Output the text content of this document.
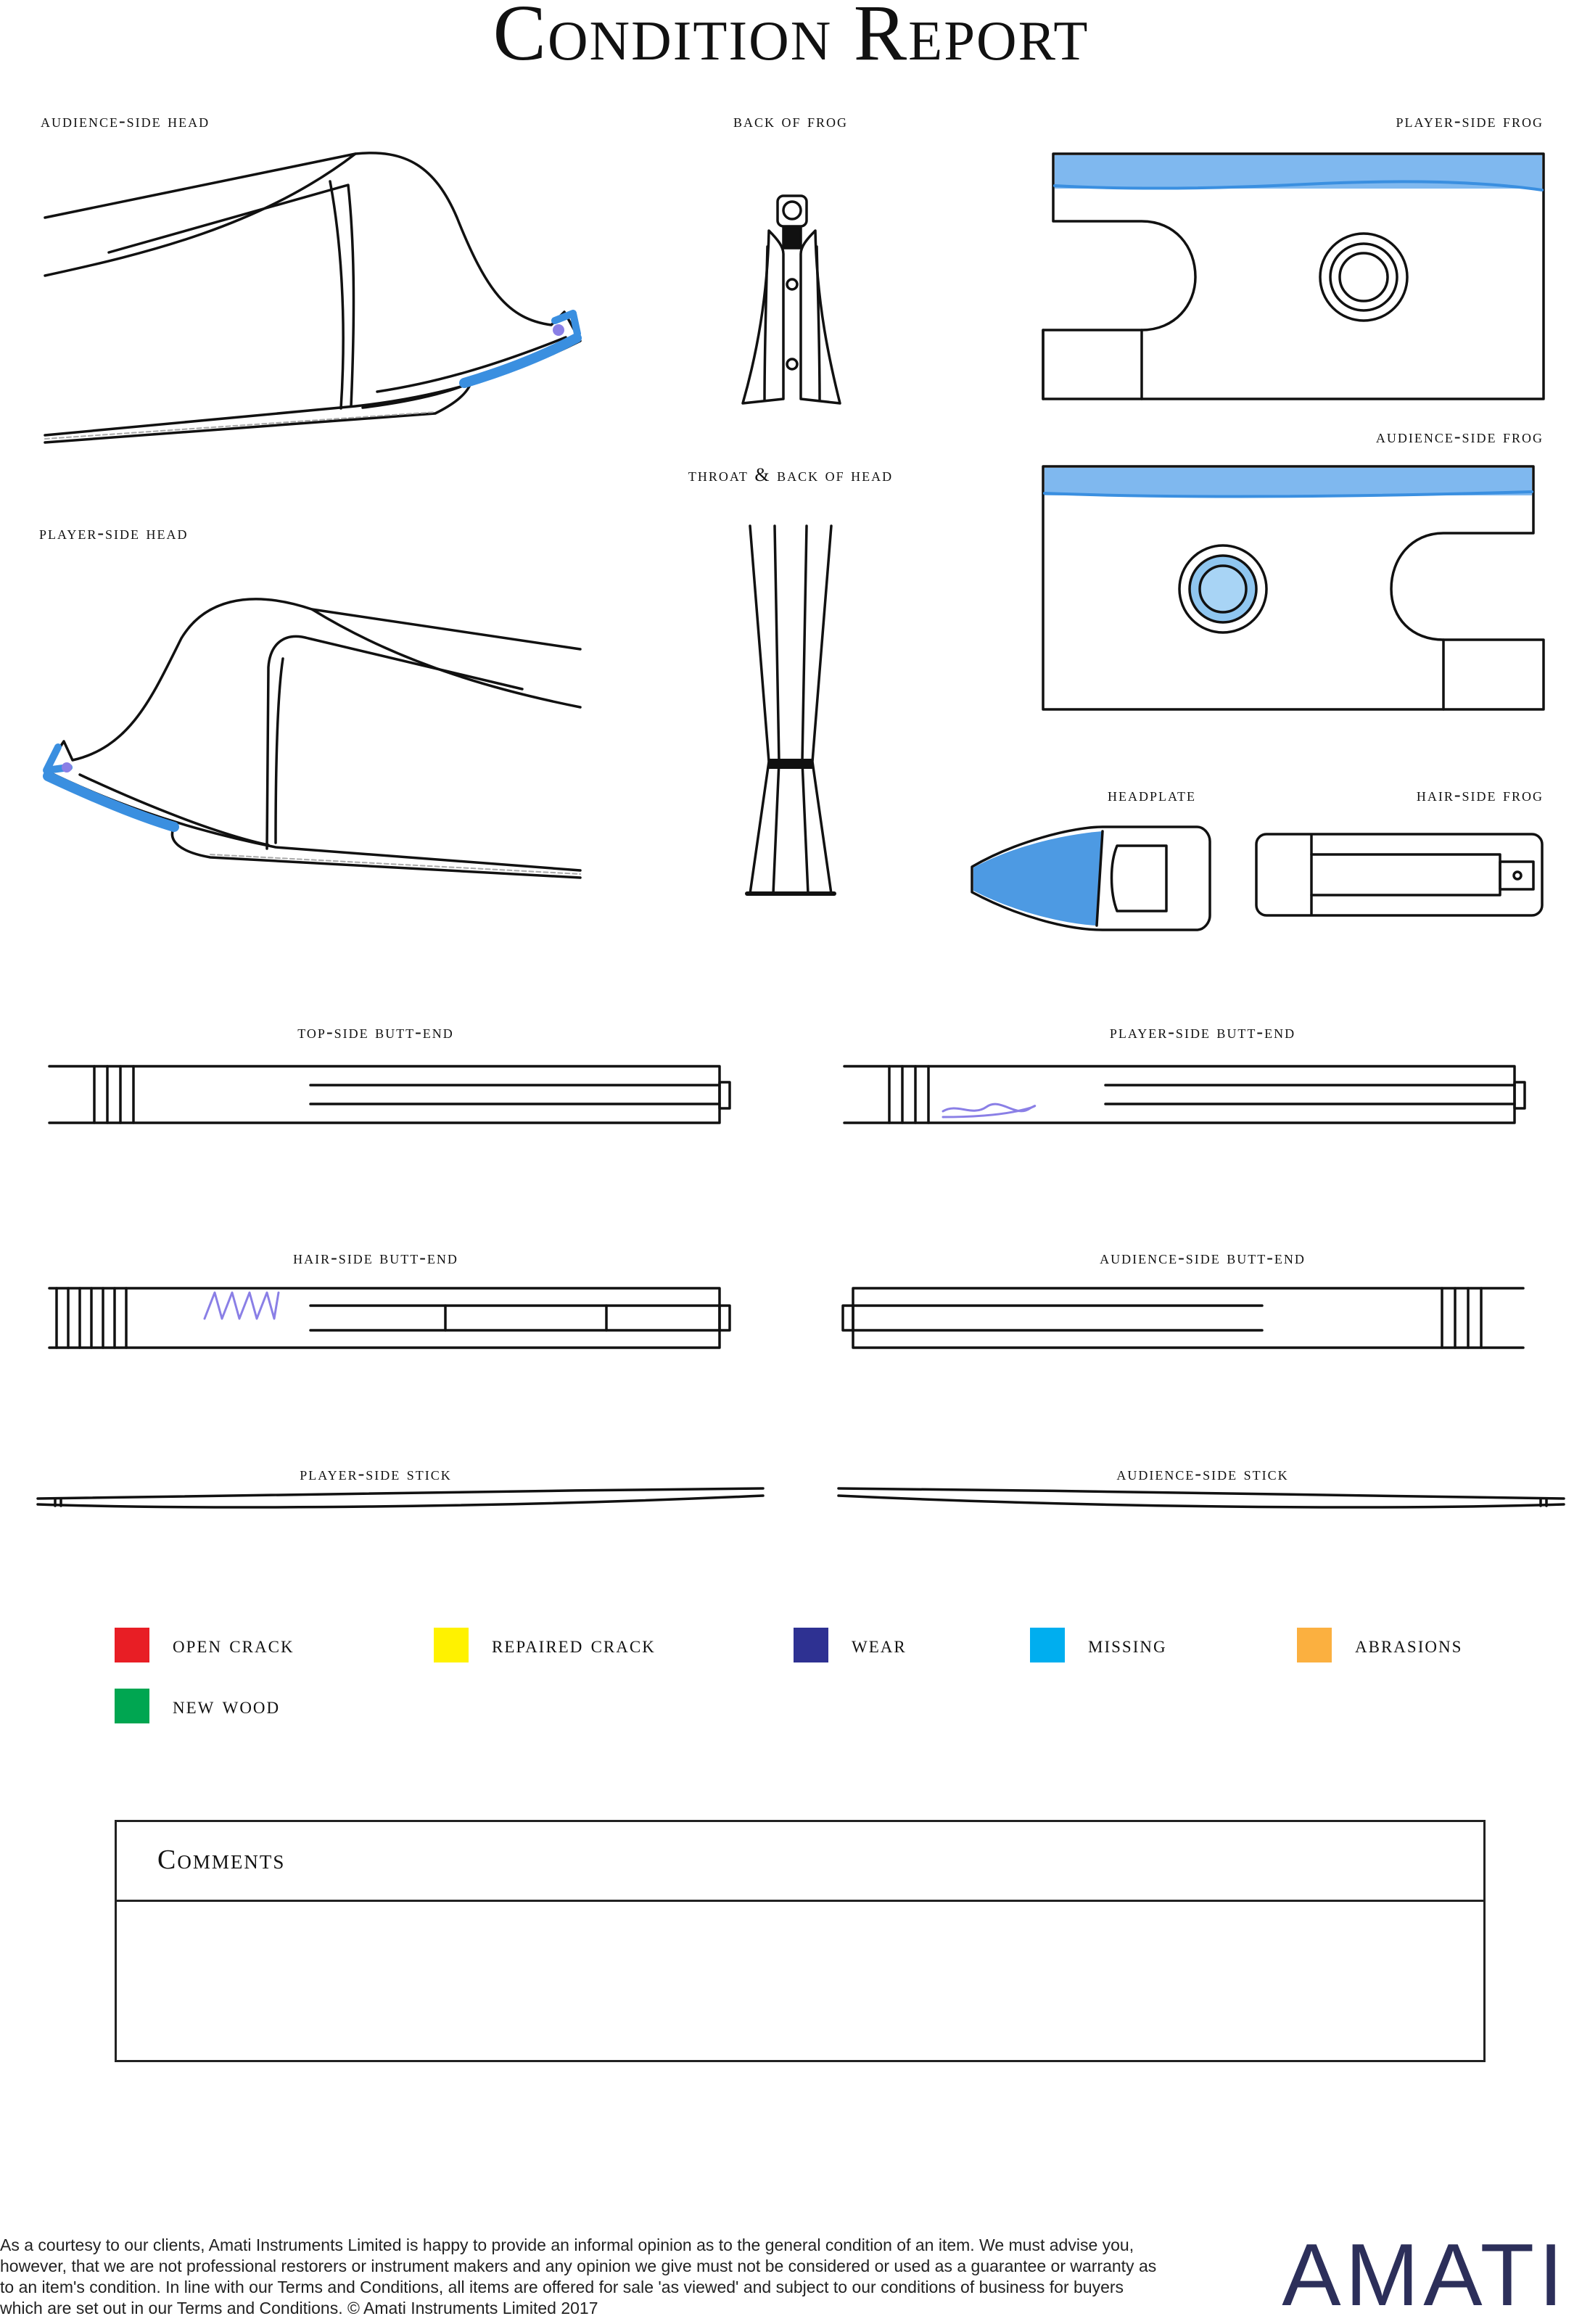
Condition Report
audience-side head	back of frog	player-side frog
throat & back of head
audience-side frog
player-side head
headplate	hair-side frog
top-side butt-end	player-side butt-end
hair-side butt-end	audience-side butt-end
player-side stick	audience-side stick
open crack	repaired crack	wear	missing	abrasions
new wood
Comments
As a courtesy to our clients, Amati Instruments Limited is happy to provide an informal opinion as to the general condition of an item. We must advise you, however, that we are not professional restorers or instrument makers and any opinion we give must not be considered or used as a guarantee or warranty as to an item's condition. In line with our Terms and Conditions, all items are offered for sale 'as viewed' and subject to our conditions of business for buyers which are set out in our Terms and Conditions. © Amati Instruments Limited 2017	AMATI
